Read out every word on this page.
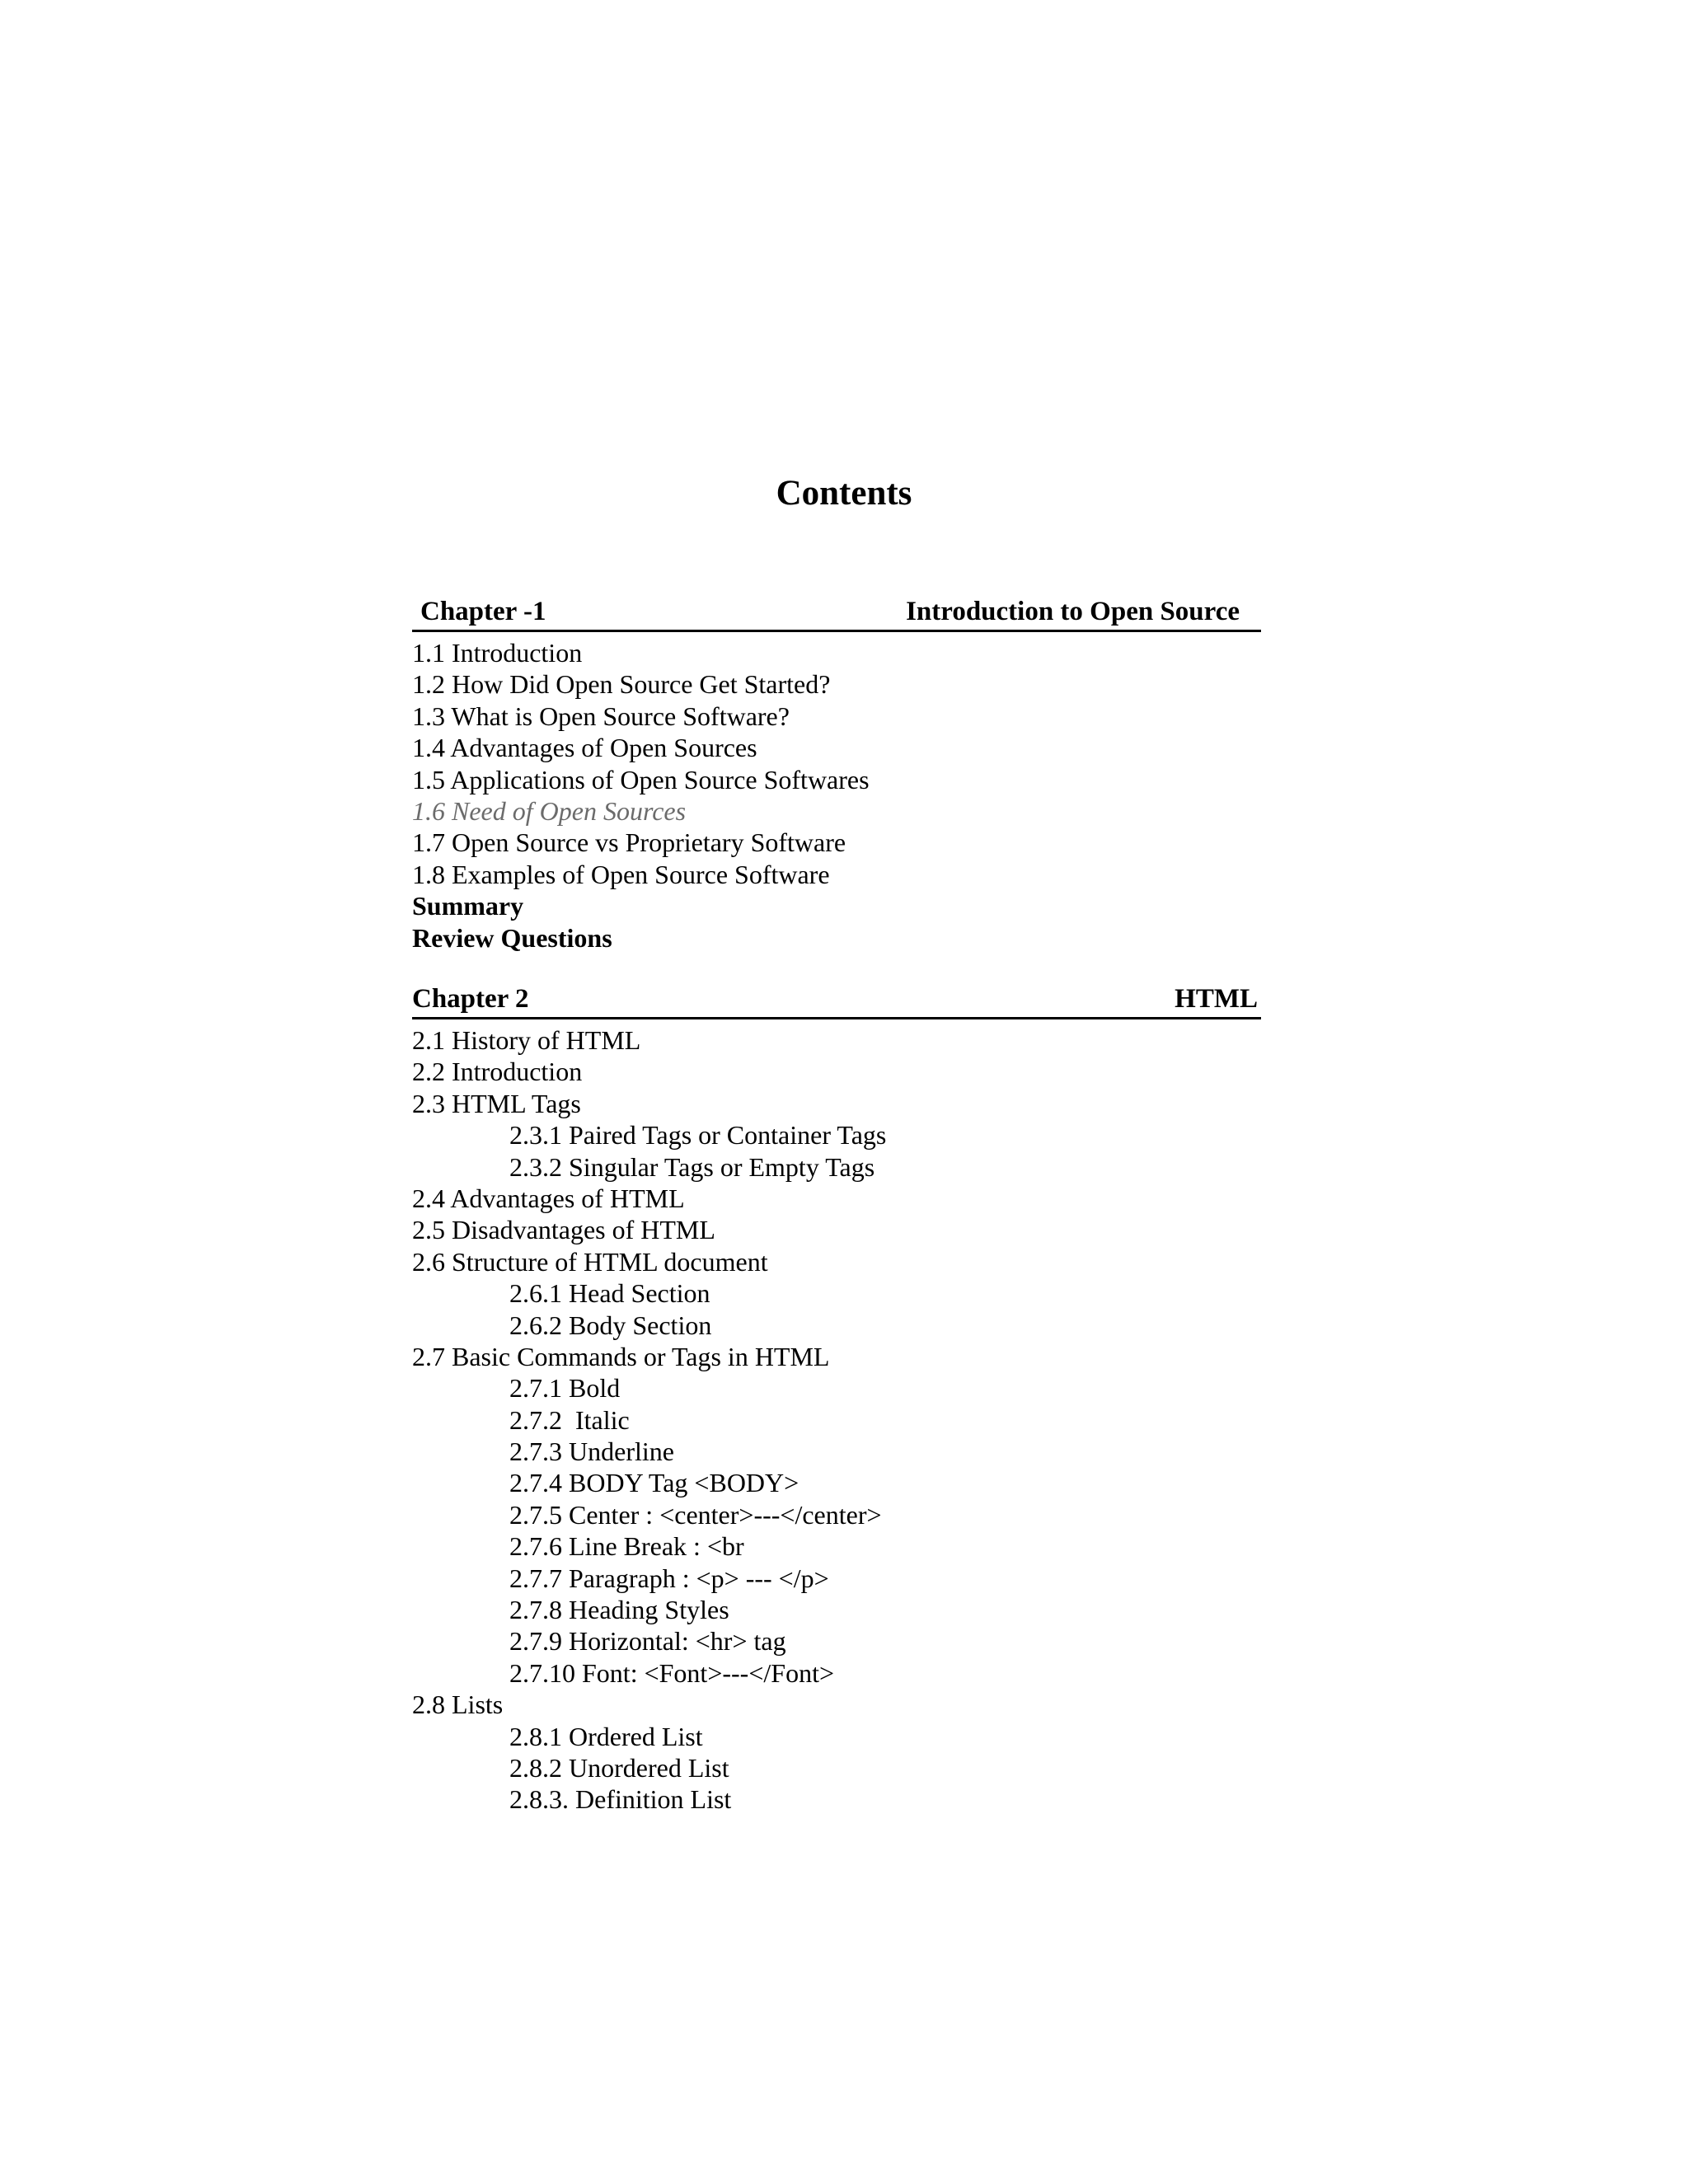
Contents
Chapter -1	Introduction to Open Source
1.1 Introduction
1.2 How Did Open Source Get Started?
1.3 What is Open Source Software?
1.4 Advantages of Open Sources
1.5 Applications of Open Source Softwares
1.6 Need of Open Sources
1.7 Open Source vs Proprietary Software
1.8 Examples of Open Source Software
Summary
Review Questions
Chapter 2	HTML
2.1 History of HTML
2.2 Introduction
2.3 HTML Tags
2.3.1 Paired Tags or Container Tags
2.3.2 Singular Tags or Empty Tags
2.4 Advantages of HTML
2.5 Disadvantages of HTML
2.6 Structure of HTML document
2.6.1 Head Section
2.6.2 Body Section
2.7 Basic Commands or Tags in HTML
2.7.1 Bold
2.7.2  Italic
2.7.3 Underline
2.7.4 BODY Tag <BODY>
2.7.5 Center : <center>---</center>
2.7.6 Line Break : <br
2.7.7 Paragraph : <p> --- </p>
2.7.8 Heading Styles
2.7.9 Horizontal: <hr> tag
2.7.10 Font: <Font>---</Font>
2.8 Lists
2.8.1 Ordered List
2.8.2 Unordered List
2.8.3. Definition List
